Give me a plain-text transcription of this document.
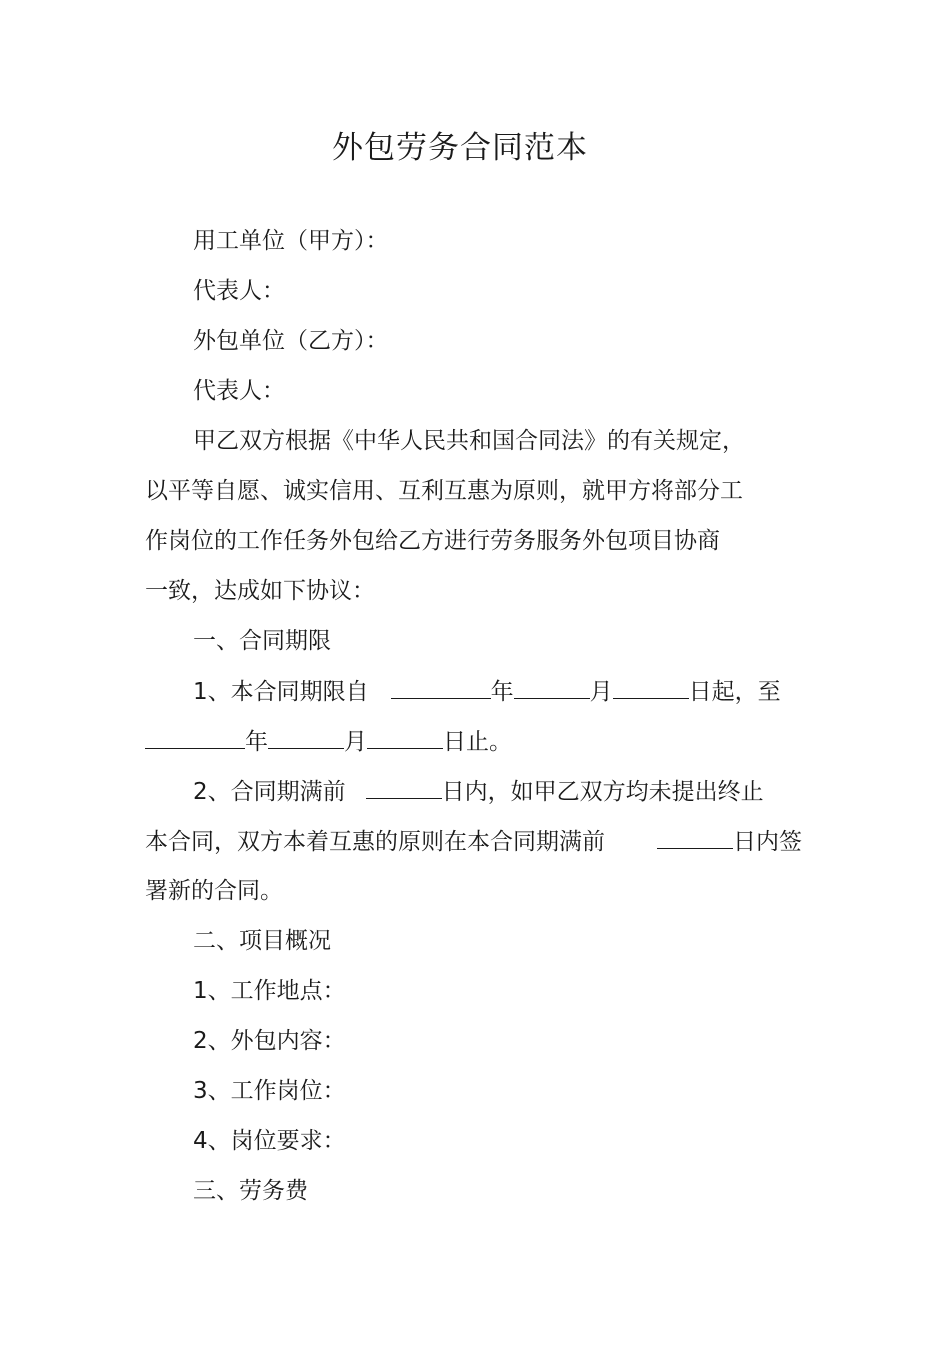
外包劳务合同范本
用工单位（甲方）：
代表人：
外包单位（乙方）：
代表人：
甲乙双方根据《中华人民共和国合同法》的有关规定，
以平等自愿、诚实信用、互利互惠为原则，就甲方将部分工
作岗位的工作任务外包给乙方进行劳务服务外包项目协商
一致，达成如下协议：
一、合同期限
1、本合同期限自	年	月	日起，至
年	月	日止。
2、合同期满前	日内，如甲乙双方均未提出终止
本合同，双方本着互惠的原则在本合同期满前	日内签
署新的合同。
二、项目概况
1、工作地点：
2、外包内容：
3、工作岗位：
4、岗位要求：
三、劳务费
